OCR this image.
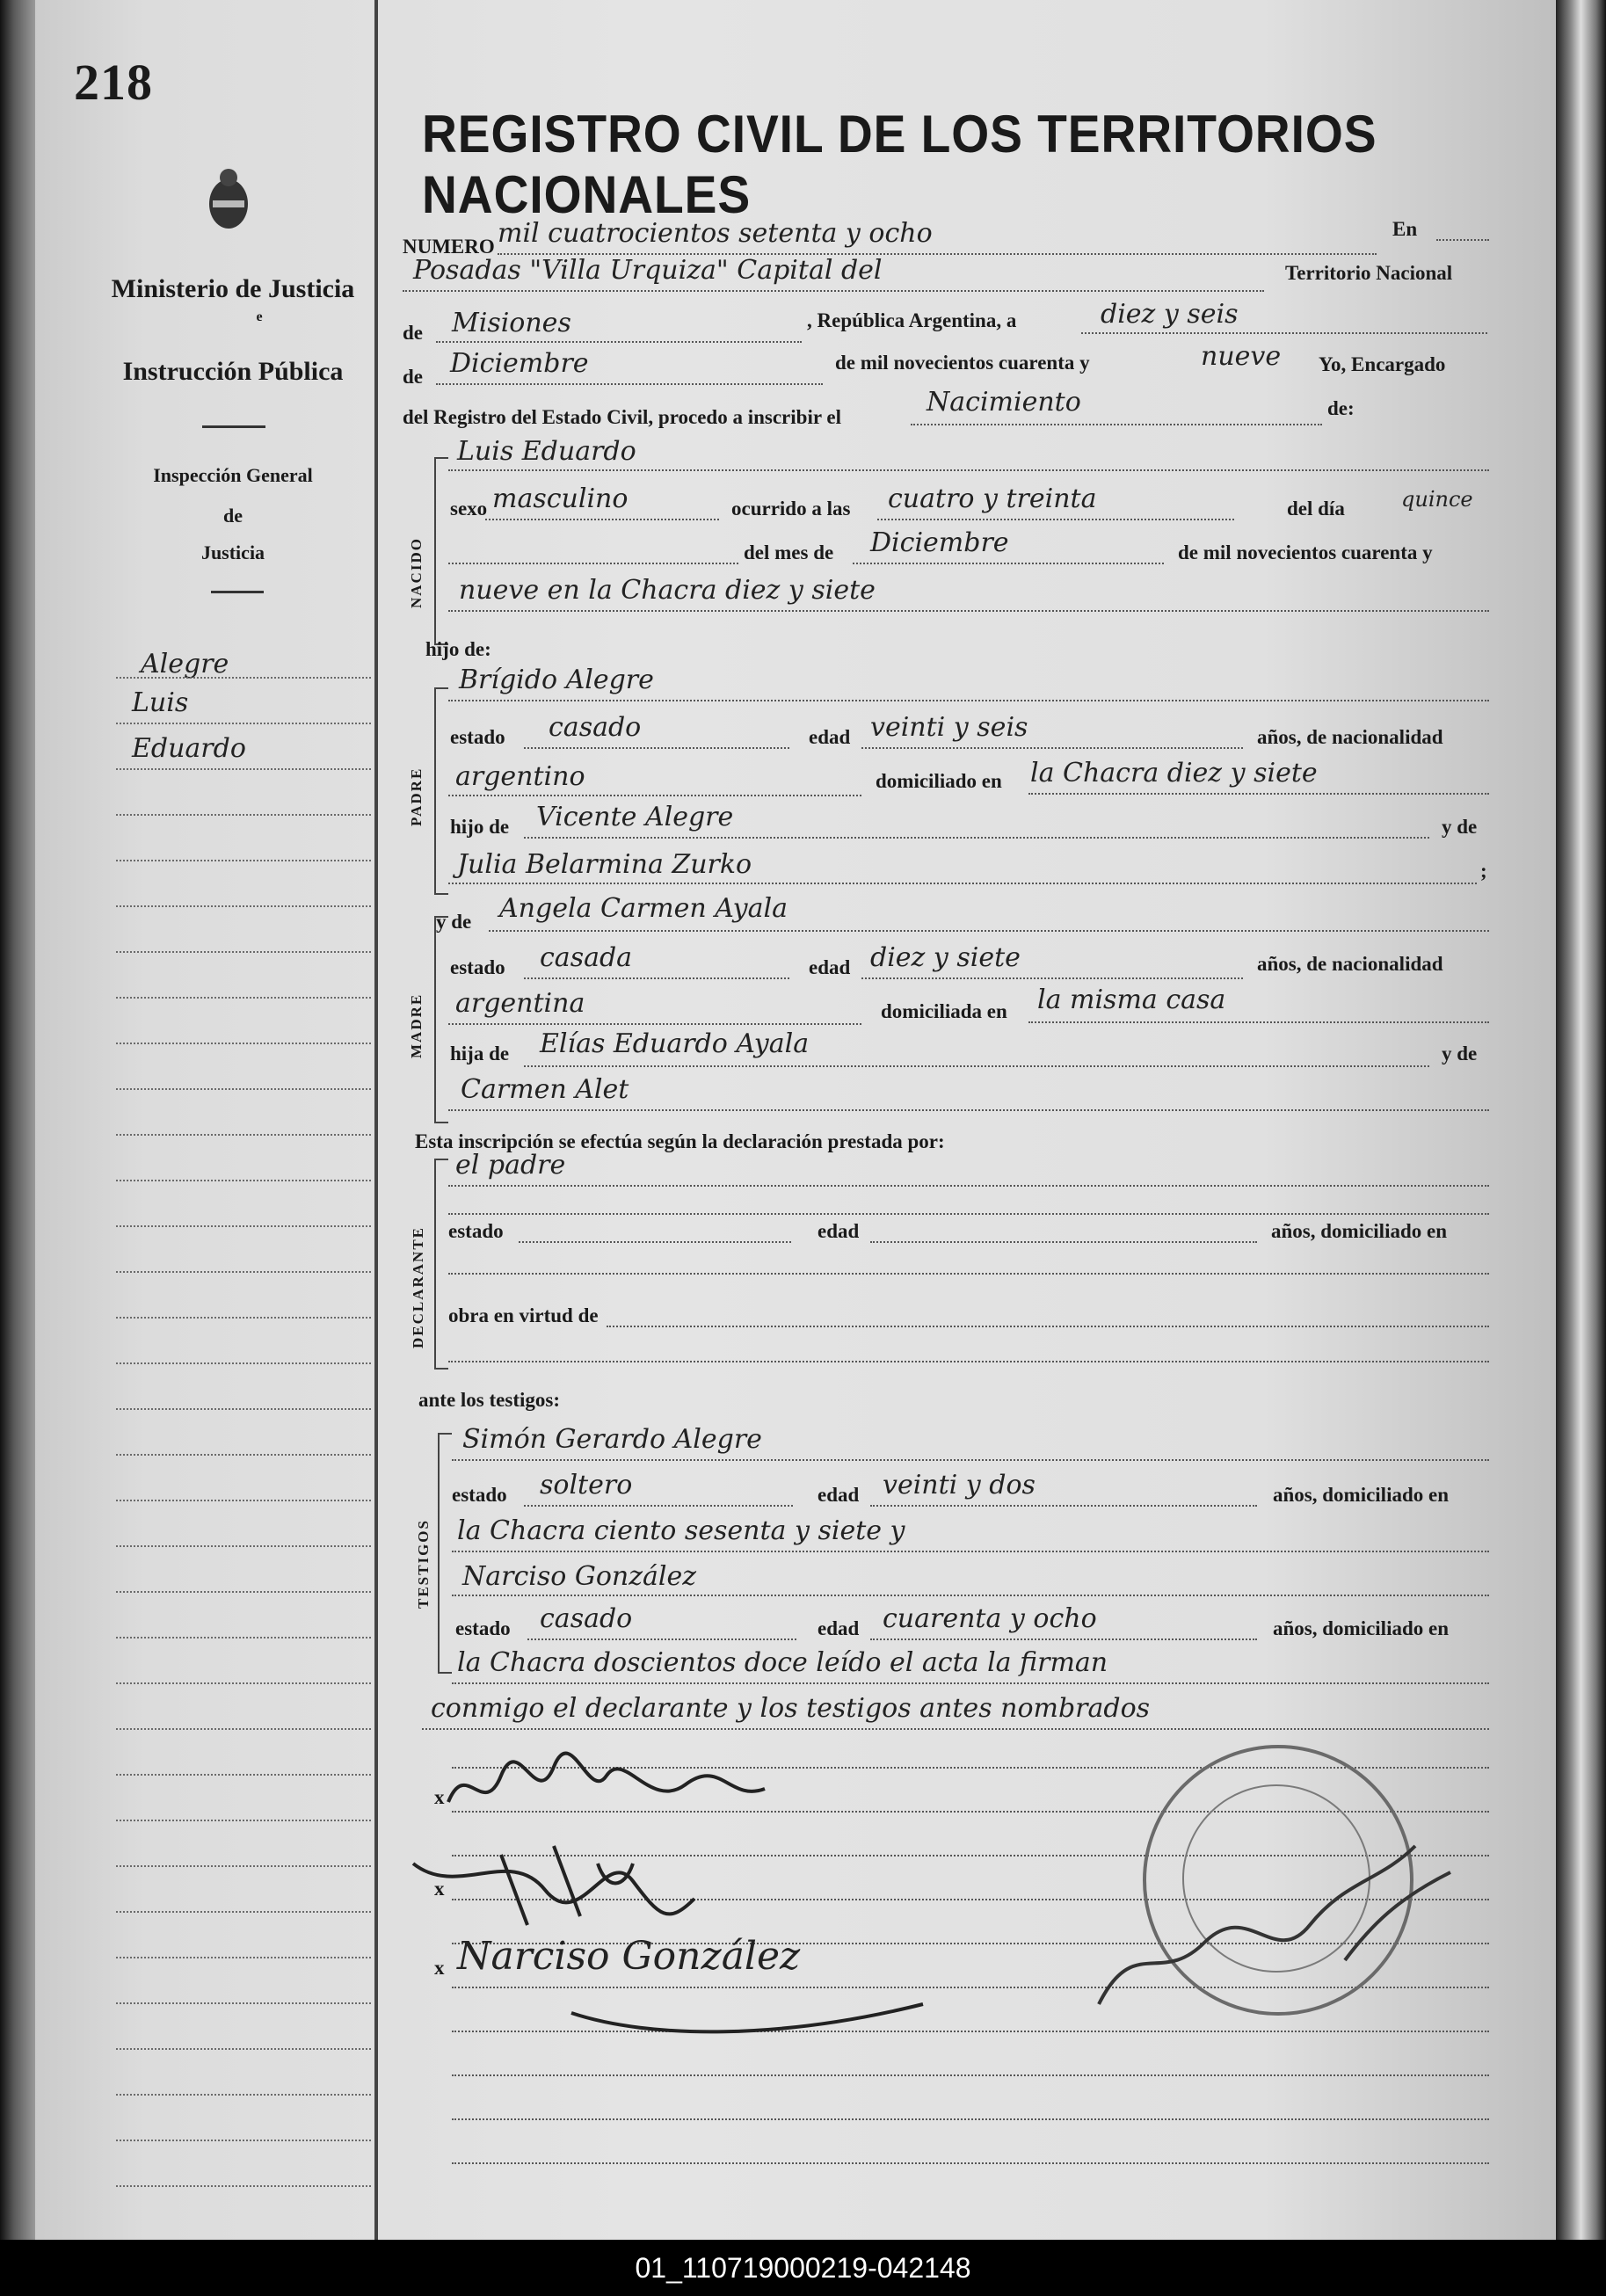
218
Ministerio de Justicia
e
Instrucción Pública
Inspección General
de
Justicia
Alegre
Luis
Eduardo
REGISTRO CIVIL DE LOS TERRITORIOS NACIONALES
NUMERO mil cuatrocientos setenta y ocho	En
Posadas "Villa Urquiza" Capital del	Territorio Nacional
de Misiones	, República Argentina, a	diez y seis
de Diciembre	de mil novecientos cuarenta y	nueve Yo, Encargado
del Registro del Estado Civil, procedo a inscribir el	Nacimiento	de:
NACIDO
Luis Eduardo
sexo masculino	ocurrido a las cuatro y treinta	del día	quince
del mes de Diciembre	de mil novecientos cuarenta y
nueve en la Chacra diez y siete
hijo de:
PADRE
Brígido Alegre
estado casado	edad veinti y seis	años, de nacionalidad
argentino	domiciliado en la Chacra diez y siete
hijo de Vicente Alegre	y de
Julia Belarmina Zurko	;
MADRE
y de Angela Carmen Ayala
estado casada	edad diez y siete	años, de nacionalidad
argentina	domiciliada en la misma casa
hija de Elías Eduardo Ayala	y de
Carmen Alet
Esta inscripción se efectúa según la declaración prestada por:
DECLARANTE
el padre
estado	edad	años, domiciliado en
obra en virtud de
ante los testigos:
TESTIGOS
Simón Gerardo Alegre
estado soltero	edad veinti y dos	años, domiciliado en
la Chacra ciento sesenta y siete y
Narciso González
estado casado	edad cuarenta y ocho	años, domiciliado en
la Chacra doscientos doce leído el acta la firman
conmigo el declarante y los testigos antes nombrados
x
x
x Narciso González
01_110719000219-042148
